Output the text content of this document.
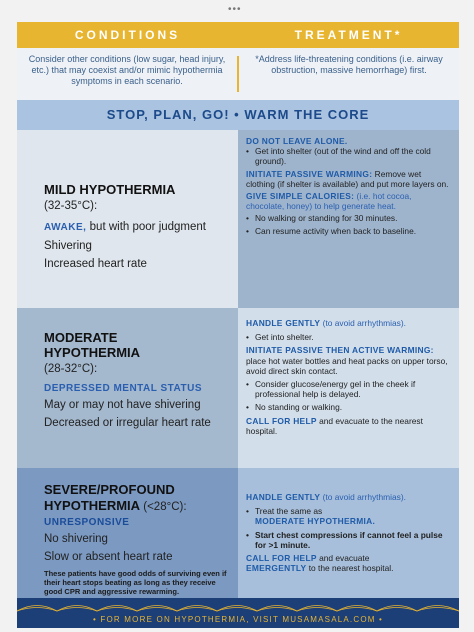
•••
CONDITIONS	TREATMENT*
Consider other conditions (low sugar, head injury, etc.) that may coexist and/or mimic hypothermia symptoms in each scenario.
*Address life-threatening conditions (i.e. airway obstruction, massive hemorrhage) first.
STOP, PLAN, GO! • WARM THE CORE
MILD HYPOTHERMIA
(32-35°C):
AWAKE, but with poor judgment
Shivering
Increased heart rate
DO NOT LEAVE ALONE.
• Get into shelter (out of the wind and off the cold ground).
INITIATE PASSIVE WARMING: Remove wet clothing (if shelter is available) and put more layers on.
GIVE SIMPLE CALORIES: (i.e. hot cocoa, chocolate, honey) to help generate heat.
• No walking or standing for 30 minutes.
• Can resume activity when back to baseline.
MODERATE
HYPOTHERMIA
(28-32°C):
DEPRESSED MENTAL STATUS
May or may not have shivering
Decreased or irregular heart rate
HANDLE GENTLY (to avoid arrhythmias).
• Get into shelter.
INITIATE PASSIVE THEN ACTIVE WARMING: place hot water bottles and heat packs on upper torso, avoid direct skin contact.
• Consider glucose/energy gel in the cheek if professional help is delayed.
• No standing or walking.
CALL FOR HELP and evacuate to the nearest hospital.
SEVERE/PROFOUND
HYPOTHERMIA (<28°C):
UNRESPONSIVE
No shivering
Slow or absent heart rate
These patients have good odds of surviving even if their heart stops beating as long as they receive good CPR and aggressive rewarming.
HANDLE GENTLY (to avoid arrhythmias).
• Treat the same as
MODERATE HYPOTHERMIA.
• Start chest compressions if cannot feel a pulse for >1 minute.
CALL FOR HELP and evacuate
EMERGENTLY to the nearest hospital.
• FOR MORE ON HYPOTHERMIA, VISIT MUSAMASALA.COM •
